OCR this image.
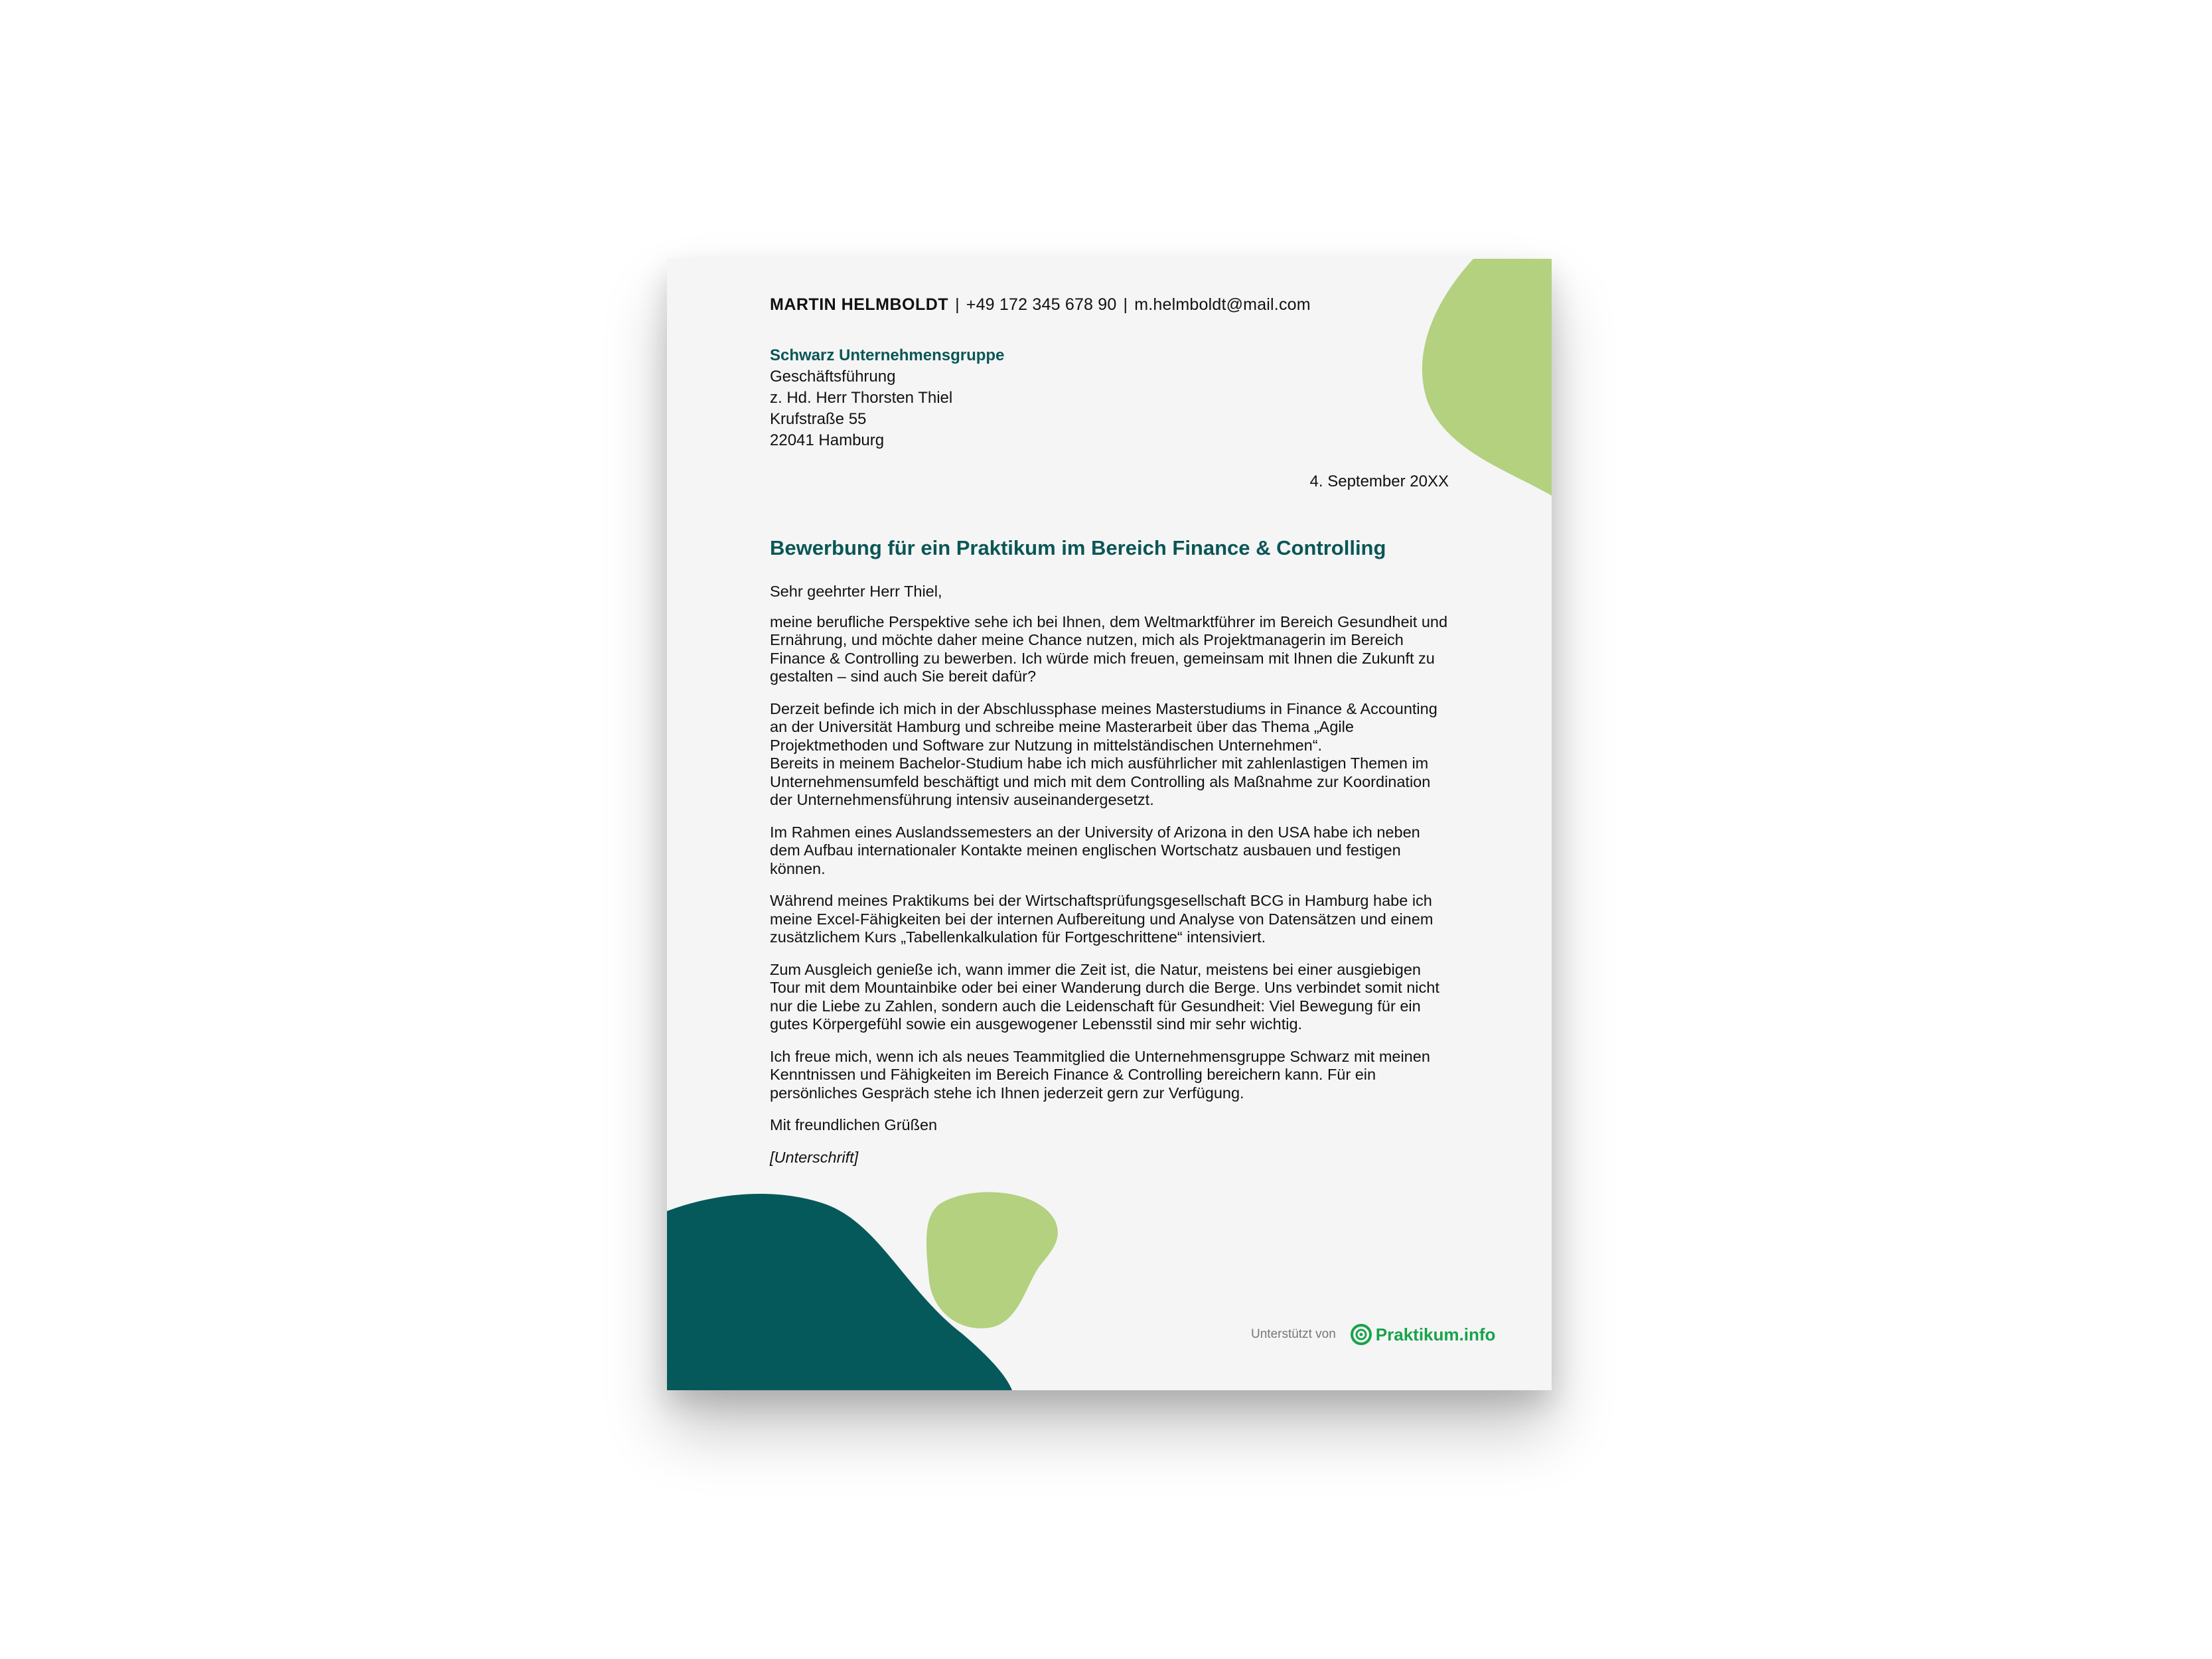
MARTIN HELMBOLDT | +49 172 345 678 90 | m.helmboldt@mail.com
Schwarz Unternehmensgruppe
Geschäftsführung
z. Hd. Herr Thorsten Thiel
Krufstraße 55
22041 Hamburg
4. September 20XX
Bewerbung für ein Praktikum im Bereich Finance & Controlling

Sehr geehrter Herr Thiel,

meine berufliche Perspektive sehe ich bei Ihnen, dem Weltmarktführer im Bereich Gesundheit und Ernährung, und möchte daher meine Chance nutzen, mich als Projektmanagerin im Bereich Finance & Controlling zu bewerben. Ich würde mich freuen, gemeinsam mit Ihnen die Zukunft zu gestalten – sind auch Sie bereit dafür?

Derzeit befinde ich mich in der Abschlussphase meines Masterstudiums in Finance & Accounting an der Universität Hamburg und schreibe meine Masterarbeit über das Thema „Agile Projektmethoden und Software zur Nutzung in mittelständischen Unternehmen“.

Bereits in meinem Bachelor-Studium habe ich mich ausführlicher mit zahlenlastigen Themen im Unternehmensumfeld beschäftigt und mich mit dem Controlling als Maßnahme zur Koordination der Unternehmensführung intensiv auseinandergesetzt.

Im Rahmen eines Auslandssemesters an der University of Arizona in den USA habe ich neben dem Aufbau internationaler Kontakte meinen englischen Wortschatz ausbauen und festigen können.

Während meines Praktikums bei der Wirtschaftsprüfungsgesellschaft BCG in Hamburg habe ich meine Excel-Fähigkeiten bei der internen Aufbereitung und Analyse von Datensätzen und einem zusätzlichem Kurs „Tabellenkalkulation für Fortgeschrittene“ intensiviert.

Zum Ausgleich genieße ich, wann immer die Zeit ist, die Natur, meistens bei einer ausgiebigen Tour mit dem Mountainbike oder bei einer Wanderung durch die Berge. Uns verbindet somit nicht nur die Liebe zu Zahlen, sondern auch die Leidenschaft für Gesundheit: Viel Bewegung für ein gutes Körpergefühl sowie ein ausgewogener Lebensstil sind mir sehr wichtig.

Ich freue mich, wenn ich als neues Teammitglied die Unternehmensgruppe Schwarz mit meinen Kenntnissen und Fähigkeiten im Bereich Finance & Controlling bereichern kann. Für ein persönliches Gespräch stehe ich Ihnen jederzeit gern zur Verfügung.

Mit freundlichen Grüßen

[Unterschrift]

Unterstützt von Praktikum.info
